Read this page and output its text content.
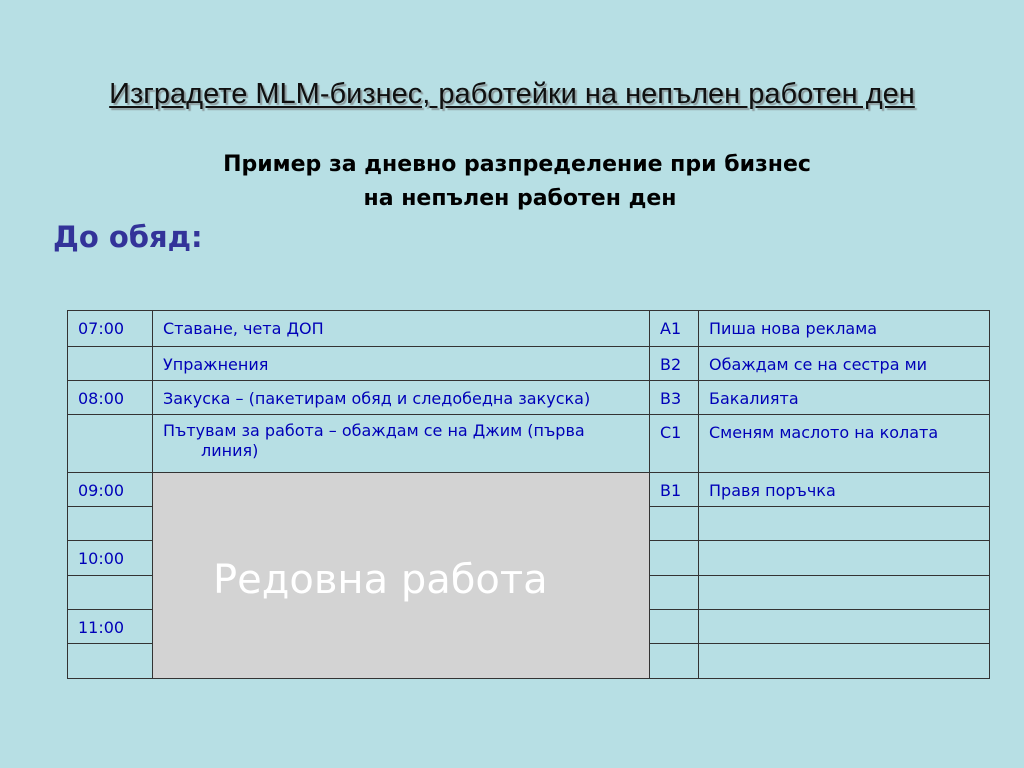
Изградете MLM-бизнес, работейки на непълен работен ден
Пример за дневно разпределение при бизнес
на непълен работен ден
До обяд:
07:00	Ставане, чета ДОП	А1	Пиша нова реклама

	Упражнения	В2	Обаждам се на сестра ми

08:00	Закуска – (пакетирам обяд и следобедна закуска)	В3	Бакалията

	Пътувам за работа – обаждам се на Джим (първа
линия)	С1	Сменям маслото на колата

09:00	Редовна работа	В1	Правя поръчка

10:00			

11:00			
